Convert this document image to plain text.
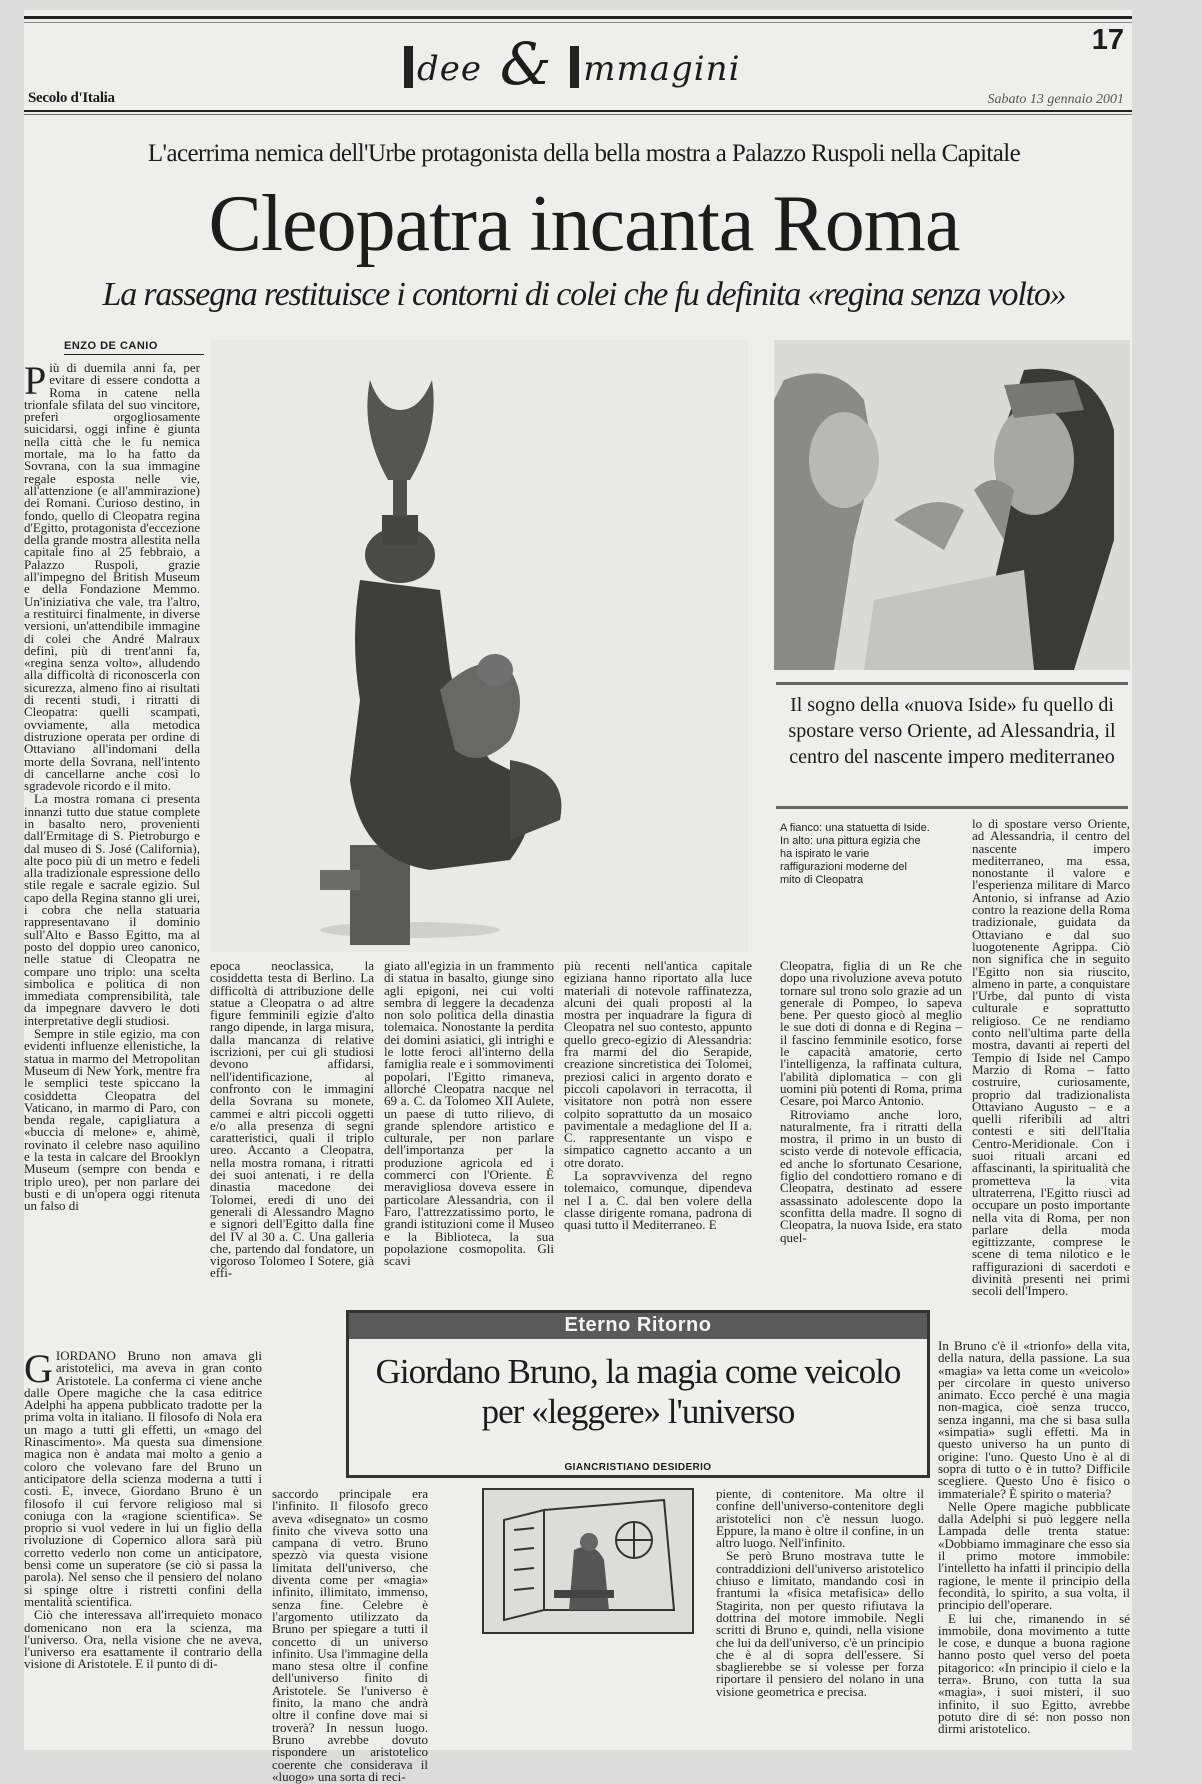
dee & mmagini
17
Secolo d'Italia	Sabato 13 gennaio 2001
L'acerrima nemica dell'Urbe protagonista della bella mostra a Palazzo Ruspoli nella Capitale
Cleopatra incanta Roma
La rassegna restituisce i contorni di colei che fu definita «regina senza volto»
ENZO DE CANIO

Più di duemila anni fa, per evitare di essere condotta a Roma in catene nella trionfale sfilata del suo vincitore, preferì orgogliosamente suicidarsi, oggi infine è giunta nella città che le fu nemica mortale, ma lo ha fatto da Sovrana, con la sua immagine regale esposta nelle vie, all'attenzione (e all'ammirazione) dei Romani. Curioso destino, in fondo, quello di Cleopatra regina d'Egitto, protagonista d'eccezione della grande mostra allestita nella capitale fino al 25 febbraio, a Palazzo Ruspoli, grazie all'impegno del British Museum e della Fondazione Memmo. Un'iniziativa che vale, tra l'altro, a restituirci finalmente, in diverse versioni, un'attendibile immagine di colei che André Malraux definì, più di trent'anni fa, «regina senza volto», alludendo alla difficoltà di riconoscerla con sicurezza, almeno fino ai risultati di recenti studi, i ritratti di Cleopatra: quelli scampati, ovviamente, alla metodica distruzione operata per ordine di Ottaviano all'indomani della morte della Sovrana, nell'intento di cancellarne anche così lo sgradevole ricordo e il mito.

La mostra romana ci presenta innanzi tutto due statue complete in basalto nero, provenienti dall'Ermitage di S. Pietroburgo e dal museo di S. José (California), alte poco più di un metro e fedeli alla tradizionale espressione dello stile regale e sacrale egizio. Sul capo della Regina stanno gli urei, i cobra che nella statuaria rappresentavano il dominio sull'Alto e Basso Egitto, ma al posto del doppio ureo canonico, nelle statue di Cleopatra ne compare uno triplo: una scelta simbolica e politica di non immediata comprensibilità, tale da impegnare davvero le doti interpretative degli studiosi.

Sempre in stile egizio, ma con evidenti influenze ellenistiche, la statua in marmo del Metropolitan Museum di New York, mentre fra le semplici teste spiccano la cosiddetta Cleopatra del Vaticano, in marmo di Paro, con benda regale, capigliatura a «buccia di melone» e, ahimè, rovinato il celebre naso aquilino e la testa in calcare del Brooklyn Museum (sempre con benda e triplo ureo), per non parlare dei busti e di un'opera oggi ritenuta un falso di

Il sogno della «nuova Iside» fu quello di spostare verso Oriente, ad Alessandria, il centro del nascente impero mediterraneo
A fianco: una statuetta di Iside. In alto: una pittura egizia che ha ispirato le varie raffigurazioni moderne del mito di Cleopatra
lo di spostare verso Oriente, ad Alessandria, il centro del nascente impero mediterraneo, ma essa, nonostante il valore e l'esperienza militare di Marco Antonio, si infranse ad Azio contro la reazione della Roma tradizionale, guidata da Ottaviano e dal suo luogotenente Agrippa. Ciò non significa che in seguito l'Egitto non sia riuscito, almeno in parte, a conquistare l'Urbe, dal punto di vista culturale e soprattutto religioso. Ce ne rendiamo conto nell'ultima parte della mostra, davanti ai reperti del Tempio di Iside nel Campo Marzio di Roma – fatto costruire, curiosamente, proprio dal tradizionalista Ottaviano Augusto – e a quelli riferibili ad altri contesti e siti dell'Italia Centro-Meridionale. Con i suoi rituali arcani ed affascinanti, la spiritualità che prometteva la vita ultraterrena, l'Egitto riuscì ad occupare un posto importante nella vita di Roma, per non parlare della moda egittizzante, comprese le scene di tema nilotico e le raffigurazioni di sacerdoti e divinità presenti nei primi secoli dell'Impero.
epoca neoclassica, la cosiddetta testa di Berlino. La difficoltà di attribuzione delle statue a Cleopatra o ad altre figure femminili egizie d'alto rango dipende, in larga misura, dalla mancanza di relative iscrizioni, per cui gli studiosi devono affidarsi, nell'identificazione, al confronto con le immagini della Sovrana su monete, cammei e altri piccoli oggetti e/o alla presenza di segni caratteristici, quali il triplo ureo. Accanto a Cleopatra, nella mostra romana, i ritratti dei suoi antenati, i re della dinastia macedone dei Tolomei, eredi di uno dei generali di Alessandro Magno e signori dell'Egitto dalla fine del IV al 30 a. C. Una galleria che, partendo dal fondatore, un vigoroso Tolomeo I Sotere, già effi-
giato all'egizia in un frammento di statua in basalto, giunge sino agli epigoni, nei cui volti sembra di leggere la decadenza non solo politica della dinastia tolemaica. Nonostante la perdita dei domini asiatici, gli intrighi e le lotte feroci all'interno della famiglia reale e i sommovimenti popolari, l'Egitto rimaneva, allorché Cleopatra nacque nel 69 a. C. da Tolomeo XII Aulete, un paese di tutto rilievo, di grande splendore artistico e culturale, per non parlare dell'importanza per la produzione agricola ed i commerci con l'Oriente. È meravigliosa doveva essere in particolare Alessandria, con il Faro, l'attrezzatissimo porto, le grandi istituzioni come il Museo e la Biblioteca, la sua popolazione cosmopolita. Gli scavi

più recenti nell'antica capitale egiziana hanno riportato alla luce materiali di notevole raffinatezza, alcuni dei quali proposti al la mostra per inquadrare la figura di Cleopatra nel suo contesto, appunto quello greco-egizio di Alessandria: fra marmi del dio Serapide, creazione sincretistica dei Tolomei, preziosi calici in argento dorato e piccoli capolavori in terracotta, il visitatore non potrà non essere colpito soprattutto da un mosaico pavimentale a medaglione del II a. C. rappresentante un vispo e simpatico cagnetto accanto a un otre dorato.

La sopravvivenza del regno tolemaico, comunque, dipendeva nel I a. C. dal ben volere della classe dirigente romana, padrona di quasi tutto il Mediterraneo. E

Cleopatra, figlia di un Re che dopo una rivoluzione aveva potuto tornare sul trono solo grazie ad un generale di Pompeo, lo sapeva bene. Per questo giocò al meglio le sue doti di donna e di Regina – il fascino femminile esotico, forse le capacità amatorie, certo l'intelligenza, la raffinata cultura, l'abilità diplomatica – con gli uomini più potenti di Roma, prima Cesare, poi Marco Antonio.

Ritroviamo anche loro, naturalmente, fra i ritratti della mostra, il primo in un busto di scisto verde di notevole efficacia, ed anche lo sfortunato Cesarione, figlio del condottiero romano e di Cleopatra, destinato ad essere assassinato adolescente dopo la sconfitta della madre. Il sogno di Cleopatra, la nuova Iside, era stato quel-

Eterno Ritorno
Giordano Bruno, la magia come veicolo per «leggere» l'universo
GIANCRISTIANO DESIDERIO

GIORDANO Bruno non amava gli aristotelici, ma aveva in gran conto Aristotele. La conferma ci viene anche dalle Opere magiche che la casa editrice Adelphi ha appena pubblicato tradotte per la prima volta in italiano. Il filosofo di Nola era un mago a tutti gli effetti, un «mago del Rinascimento». Ma questa sua dimensione magica non è andata mai molto a genio a coloro che volevano fare del Bruno un anticipatore della scienza moderna a tutti i costi. E, invece, Giordano Bruno è un filosofo il cui fervore religioso mal si coniuga con la «ragione scientifica». Se proprio si vuol vedere in lui un figlio della rivoluzione di Copernico allora sarà più corretto vederlo non come un anticipatore, bensì come un superatore (se ciò si passa la parola). Nel senso che il pensiero del nolano si spinge oltre i ristretti confini della mentalità scientifica.

Ciò che interessava all'irrequieto monaco domenicano non era la scienza, ma l'universo. Ora, nella visione che ne aveva, l'universo era esattamente il contrario della visione di Aristotele. E il punto di di-

saccordo principale era l'infinito. Il filosofo greco aveva «disegnato» un cosmo finito che viveva sotto una campana di vetro. Bruno spezzò via questa visione limitata dell'universo, che diventa come per «magia» infinito, illimitato, immenso, senza fine. Celebre è l'argomento utilizzato da Bruno per spiegare a tutti il concetto di un universo infinito. Usa l'immagine della mano stesa oltre il confine dell'universo finito di Aristotele. Se l'universo è finito, la mano che andrà oltre il confine dove mai si troverà? In nessun luogo. Bruno avrebbe dovuto rispondere un aristotelico coerente che considerava il «luogo» una sorta di reci-

piente, di contenitore. Ma oltre il confine dell'universo-contenitore degli aristotelici non c'è nessun luogo. Eppure, la mano è oltre il confine, in un altro luogo. Nell'infinito.

Se però Bruno mostrava tutte le contraddizioni dell'universo aristotelico chiuso e limitato, mandando così in frantumi la «fisica metafisica» dello Stagirita, non per questo rifiutava la dottrina del motore immobile. Negli scritti di Bruno e, quindi, nella visione che lui da dell'universo, c'è un principio che è al di sopra dell'essere. Si sbaglierebbe se si volesse per forza riportare il pensiero del nolano in una visione geometrica e precisa.

In Bruno c'è il «trionfo» della vita, della natura, della passione. La sua «magia» va letta come un «veicolo» per circolare in questo universo animato. Ecco perché è una magia non-magica, cioè senza trucco, senza inganni, ma che si basa sulla «simpatia» sugli effetti. Ma in questo universo ha un punto di origine: l'uno. Questo Uno è al di sopra di tutto o è in tutto? Difficile scegliere. Questo Uno è fisico o immateriale? È spirito o materia?

Nelle Opere magiche pubblicate dalla Adelphi si può leggere nella Lampada delle trenta statue: «Dobbiamo immaginare che esso sia il primo motore immobile: l'intelletto ha infatti il principio della ragione, le mente il principio della fecondità, lo spirito, a sua volta, il principio dell'operare.

E lui che, rimanendo in sé immobile, dona movimento a tutte le cose, e dunque a buona ragione hanno posto quel verso del poeta pitagorico: «In principio il cielo e la terra». Bruno, con tutta la sua «magia», i suoi misteri, il suo infinito, il suo Egitto, avrebbe potuto dire di sé: non posso non dirmi aristotelico.
